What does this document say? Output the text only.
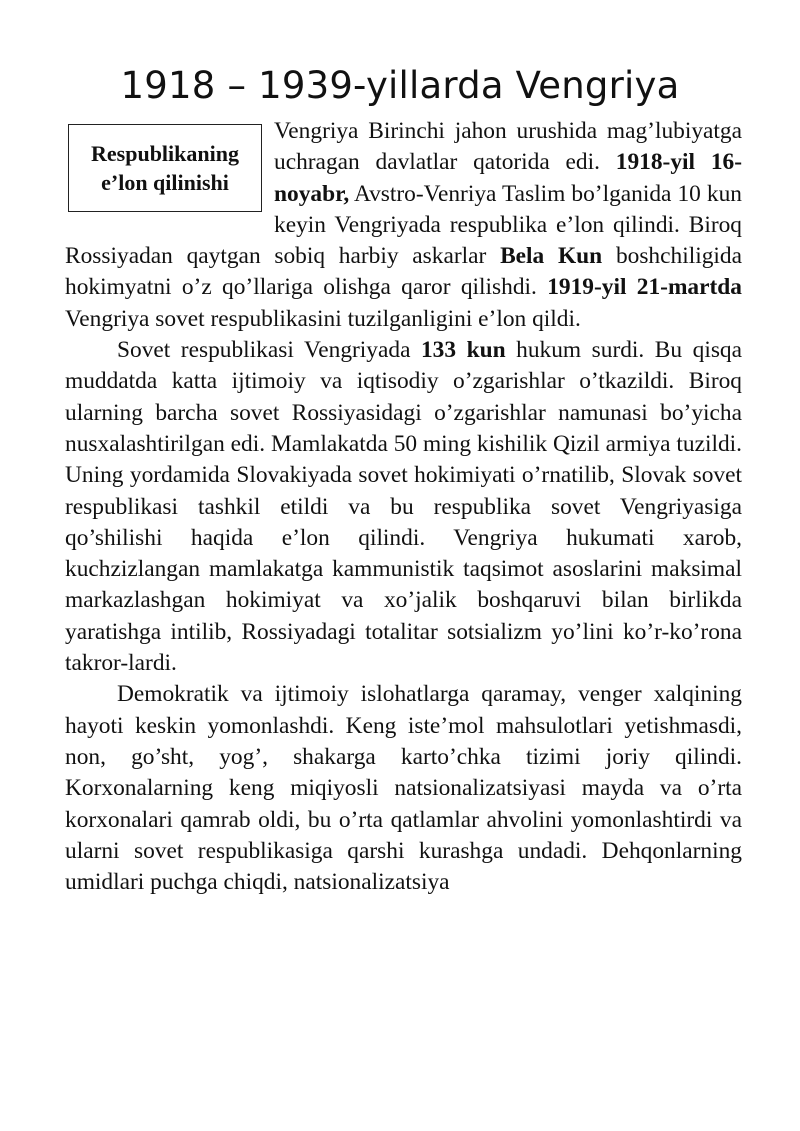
1918 – 1939-yillarda Vengriya
Respublikaning
e’lon qilinishi

Vengriya Birinchi jahon urushida mag’lubiyatga uchragan davlatlar qatorida edi. 1918-yil 16-noyabr, Avstro-Venriya Taslim bo’lganida 10 kun keyin Vengriyada respublika e’lon qilindi. Biroq Rossiyadan qaytgan sobiq harbiy askarlar Bela Kun boshchiligida hokimyatni o’z qo’llariga olishga qaror qilishdi. 1919-yil 21-martda Vengriya sovet respublikasini tuzilganligini e’lon qildi.

Sovet respublikasi Vengriyada 133 kun hukum surdi. Bu qisqa muddatda katta ijtimoiy va iqtisodiy o’zgarishlar o’tkazildi. Biroq ularning barcha sovet Rossiyasidagi o’zgarishlar namunasi bo’yicha nusxalashtirilgan edi. Mamlakatda 50 ming kishilik Qizil armiya tuzildi. Uning yordamida Slovakiyada sovet hokimiyati o’rnatilib, Slovak sovet respublikasi tashkil etildi va bu respublika sovet Vengriyasiga qo’shilishi haqida e’lon qilindi. Vengriya hukumati xarob, kuchzizlangan mamlakatga kammunistik taqsimot asoslarini maksimal markazlashgan hokimiyat va xo’jalik boshqaruvi bilan birlikda yaratishga intilib, Rossiyadagi totalitar sotsializm yo’lini ko’r-ko’rona takror-lardi.

Demokratik va ijtimoiy islohatlarga qaramay, venger xalqining hayoti keskin yomonlashdi. Keng iste’mol mahsulotlari yetishmasdi, non, go’sht, yog’, shakarga karto’chka tizimi joriy qilindi. Korxonalarning keng miqiyosli natsionalizatsiyasi mayda va o’rta korxonalari qamrab oldi, bu o’rta qatlamlar ahvolini yomonlashtirdi va ularni sovet respublikasiga qarshi kurashga undadi. Dehqonlarning umidlari puchga chiqdi, natsionalizatsiya
